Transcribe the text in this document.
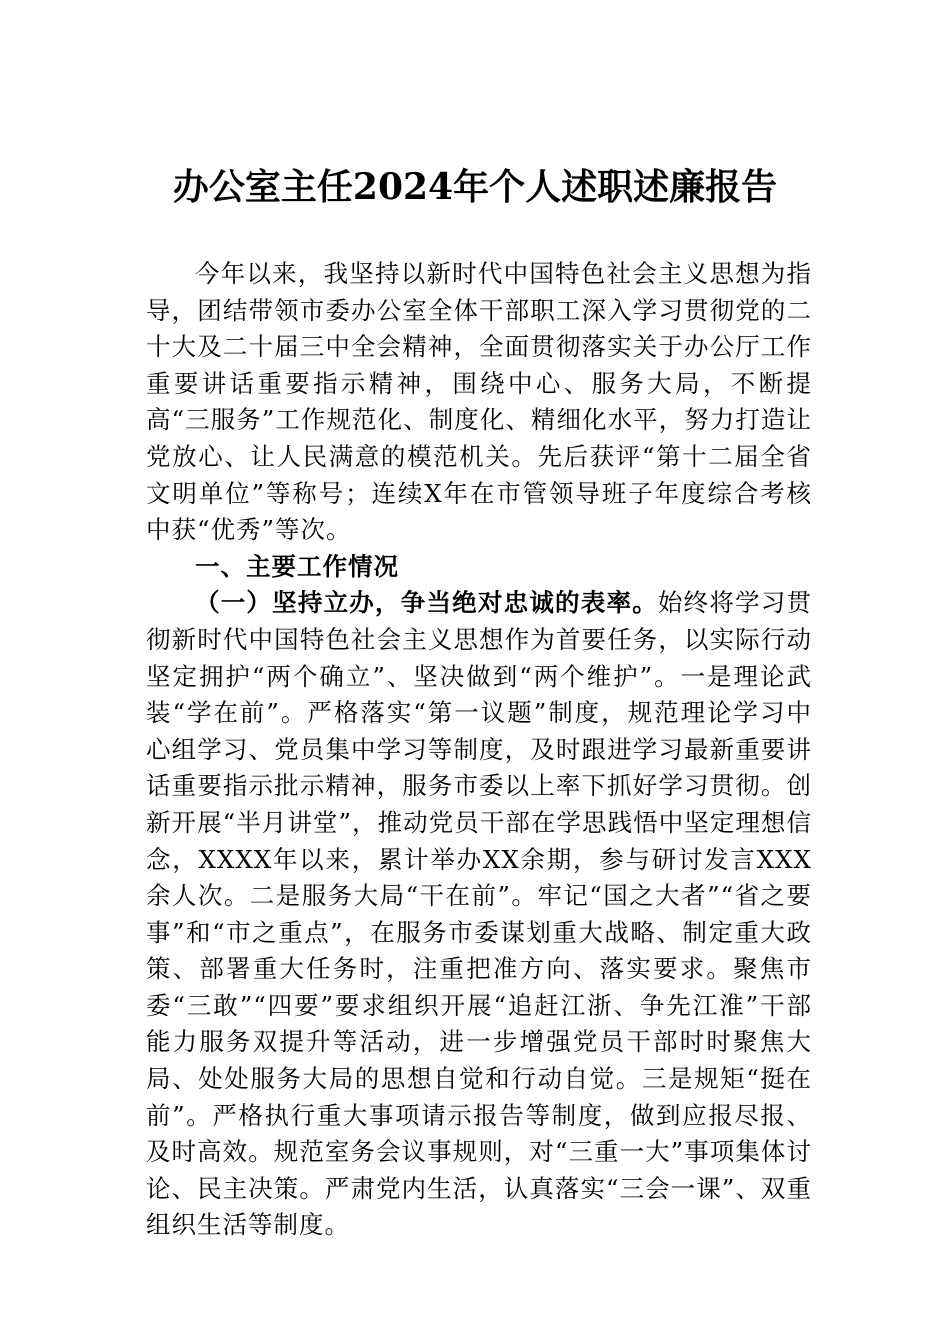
办公室主任2024年个人述职述廉报告

今年以来，我坚持以新时代中国特色社会主义思想为指导，团结带领市委办公室全体干部职工深入学习贯彻党的二十大及二十届三中全会精神，全面贯彻落实关于办公厅工作重要讲话重要指示精神，围绕中心、服务大局，不断提高“三服务”工作规范化、制度化、精细化水平，努力打造让党放心、让人民满意的模范机关。先后获评“第十二届全省文明单位”等称号；连续X年在市管领导班子年度综合考核中获“优秀”等次。

一、主要工作情况

（一）坚持立办，争当绝对忠诚的表率。始终将学习贯彻新时代中国特色社会主义思想作为首要任务，以实际行动坚定拥护“两个确立”、坚决做到“两个维护”。一是理论武装“学在前”。严格落实“第一议题”制度，规范理论学习中心组学习、党员集中学习等制度，及时跟进学习最新重要讲话重要指示批示精神，服务市委以上率下抓好学习贯彻。创新开展“半月讲堂”，推动党员干部在学思践悟中坚定理想信念，XXXX年以来，累计举办XX余期，参与研讨发言XXX余人次。二是服务大局“干在前”。牢记“国之大者”“省之要事”和“市之重点”，在服务市委谋划重大战略、制定重大政策、部署重大任务时，注重把准方向、落实要求。聚焦市委“三敢”“四要”要求组织开展“追赶江浙、争先江淮”干部能力服务双提升等活动，进一步增强党员干部时时聚焦大局、处处服务大局的思想自觉和行动自觉。三是规矩“挺在前”。严格执行重大事项请示报告等制度，做到应报尽报、及时高效。规范室务会议事规则，对“三重一大”事项集体讨论、民主决策。严肃党内生活，认真落实“三会一课”、双重组织生活等制度。
